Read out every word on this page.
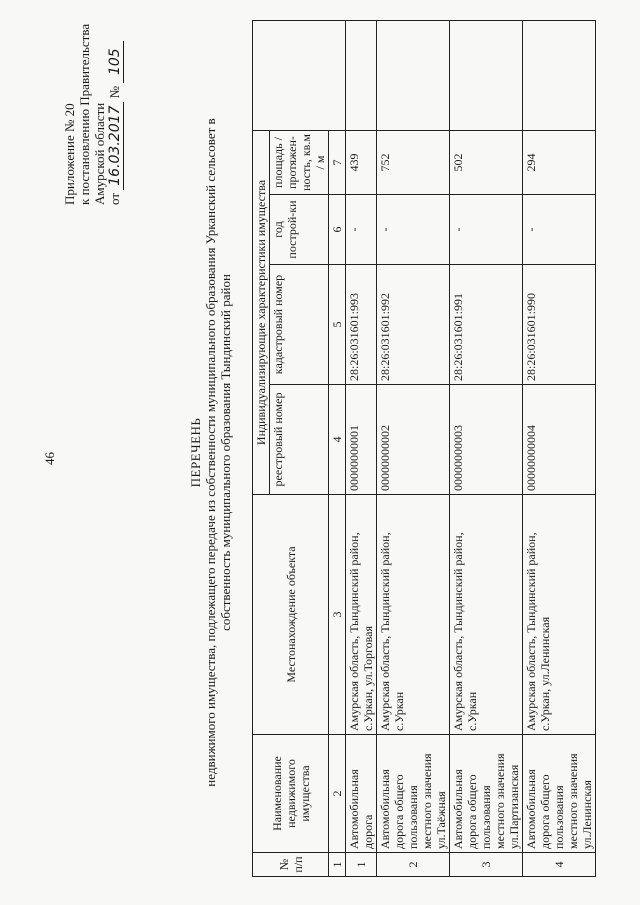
46
Приложение № 20 к постановлению Правительства Амурской области от 16.03.2017 № 105
ПЕРЕЧЕНЬ недвижимого имущества, подлежащего передаче из собственности муниципального образования Урканский сельсовет в собственность муниципального образования Тындинский район
№ п/п	Наименование недвижимого имущества	Местонахождение объекта	Индивидуализирующие характеристики имущества				
			реестровый номер	кадастровый номер	год построй-ки	площадь / протяжен-ность, кв.м / м	
1	2	3	4	5	6	7	
1	Автомобильная дорога	Амурская область, Тындинский район, с.Уркан, ул.Торговая	00000000001	28:26:031601:993	-	439	
2	Автомобильная дорога общего пользования местного значения ул.Таёжная	Амурская область, Тындинский район, с.Уркан	00000000002	28:26:031601:992	-	752	
3	Автомобильная дорога общего пользования местного значения ул.Партизанская	Амурская область, Тындинский район, с.Уркан	00000000003	28:26:031601:991	-	502	
4	Автомобильная дорога общего пользования местного значения ул.Ленинская	Амурская область, Тындинский район, с.Уркан, ул.Ленинская	00000000004	28:26:031601:990	-	294	
